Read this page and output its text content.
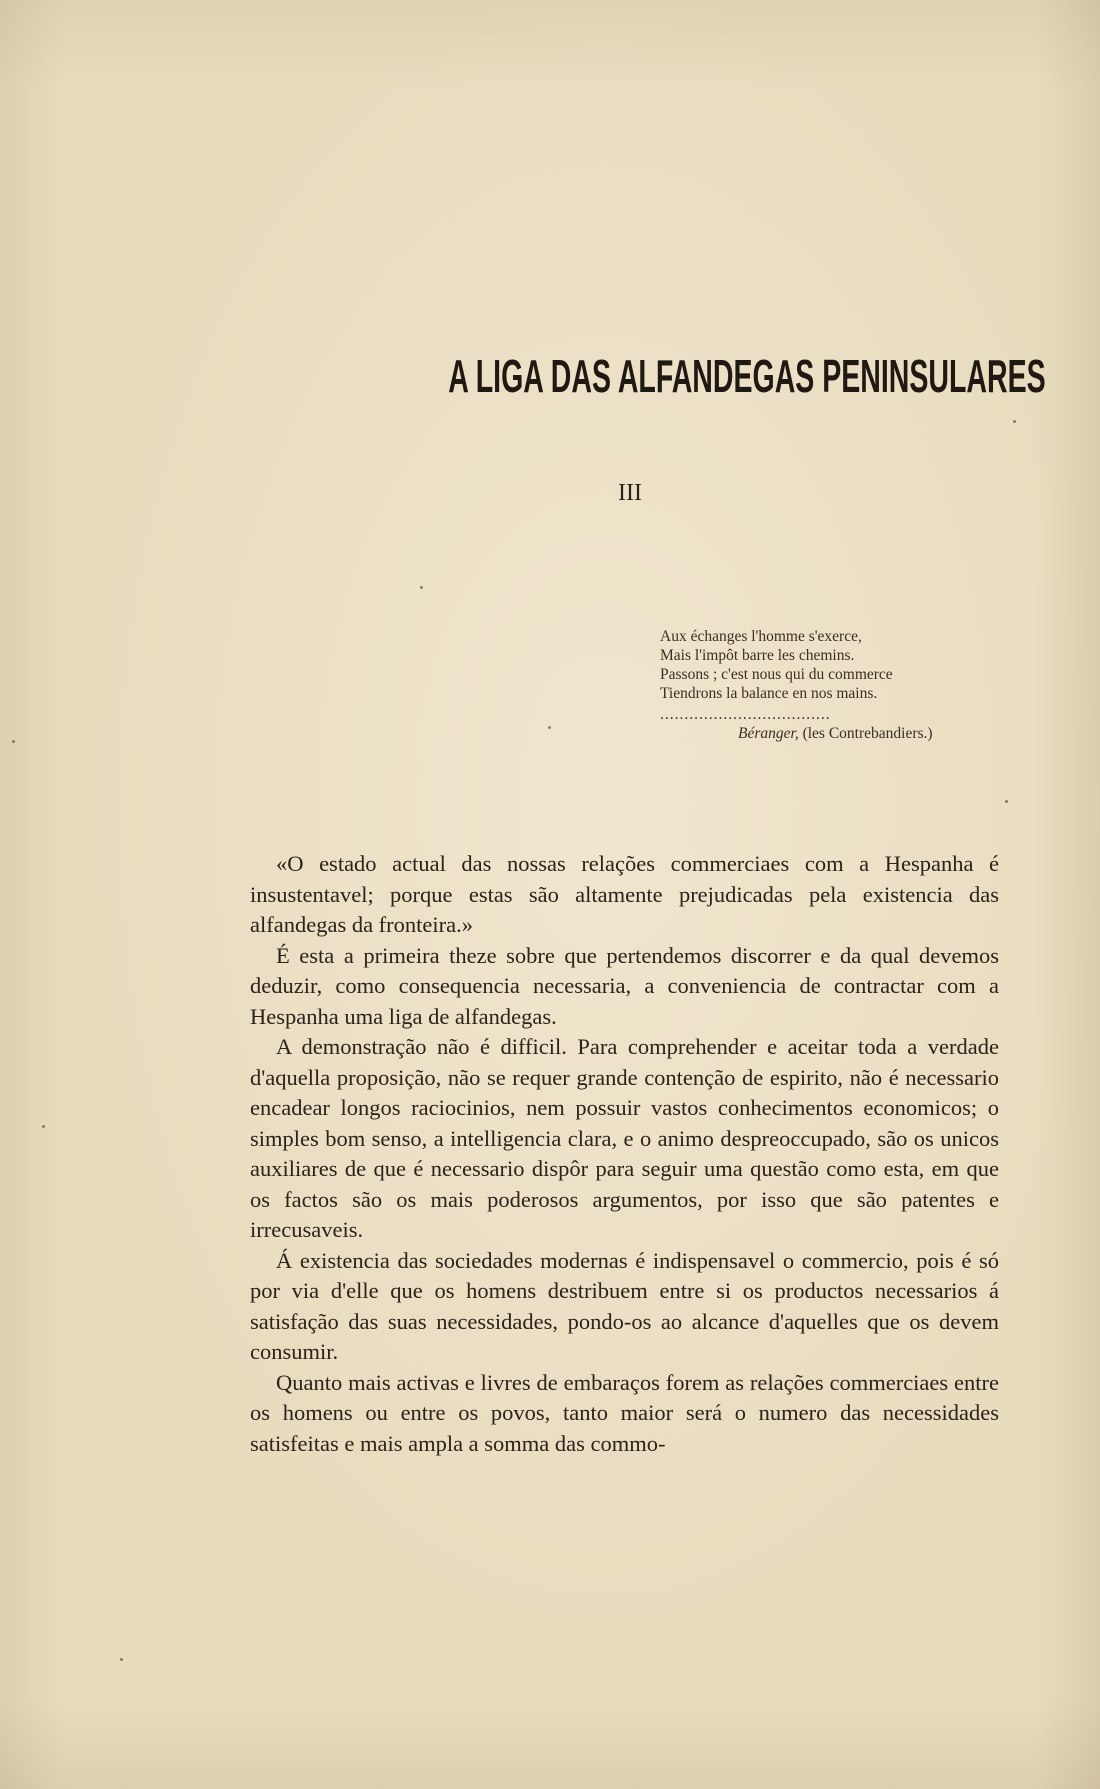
A LIGA DAS ALFANDEGAS PENINSULARES
III
Aux échanges l'homme s'exerce,
Mais l'impôt barre les chemins.
Passons ; c'est nous qui du commerce
Tiendrons la balance en nos mains.
...................................
Béranger, (les Contrebandiers.)

«O estado actual das nossas relações commerciaes com a Hespanha é insustentavel; porque estas são altamente prejudicadas pela existencia das alfandegas da fronteira.»

É esta a primeira theze sobre que pertendemos discorrer e da qual devemos deduzir, como consequencia necessaria, a conveniencia de contractar com a Hespanha uma liga de alfandegas.

A demonstração não é difficil. Para comprehender e aceitar toda a verdade d'aquella proposição, não se requer grande contenção de espirito, não é necessario encadear longos raciocinios, nem possuir vastos conhecimentos economicos; o simples bom senso, a intelligencia clara, e o animo despreoccupado, são os unicos auxiliares de que é necessario dispôr para seguir uma questão como esta, em que os factos são os mais poderosos argumentos, por isso que são patentes e irrecusaveis.

Á existencia das sociedades modernas é indispensavel o commercio, pois é só por via d'elle que os homens destribuem entre si os productos necessarios á satisfação das suas necessidades, pondo-os ao alcance d'aquelles que os devem consumir.

Quanto mais activas e livres de embaraços forem as relações commerciaes entre os homens ou entre os povos, tanto maior será o numero das necessidades satisfeitas e mais ampla a somma das commo-
